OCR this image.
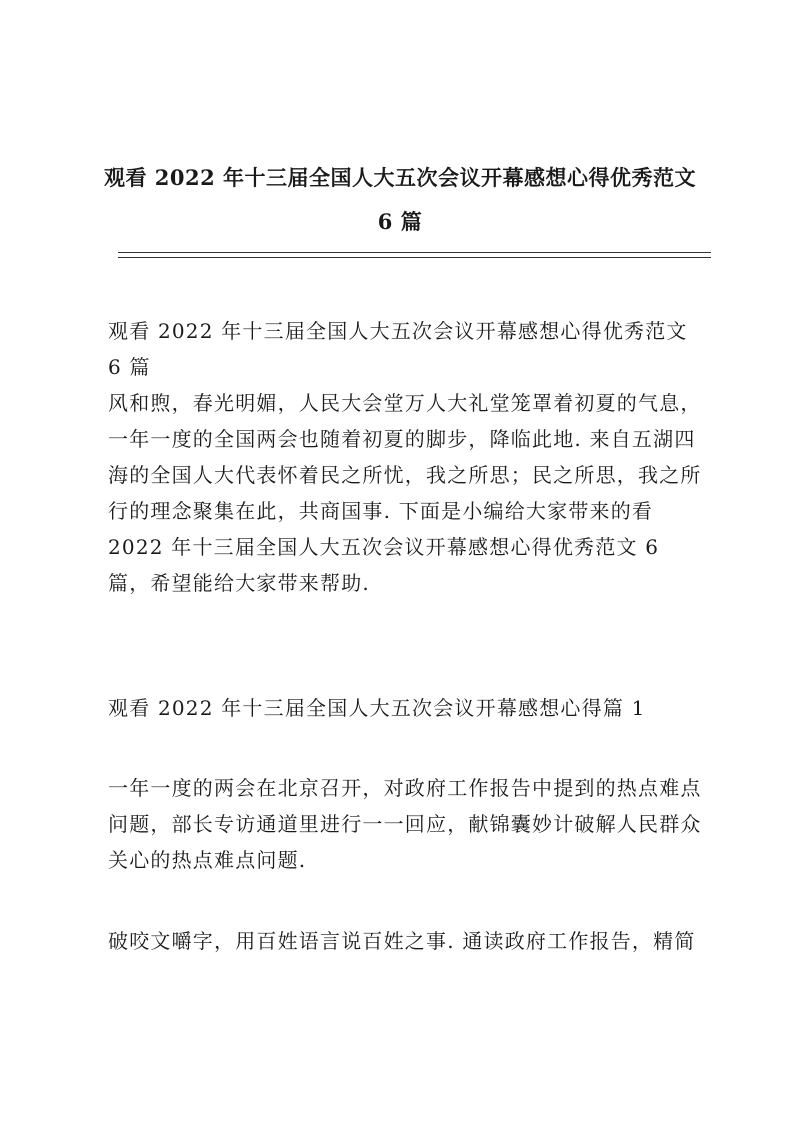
观看 2022 年十三届全国人大五次会议开幕感想心得优秀范文 6 篇

观看 2022 年十三届全国人大五次会议开幕感想心得优秀范文 6 篇

风和煦，春光明媚，人民大会堂万人大礼堂笼罩着初夏的气息，一年一度的全国两会也随着初夏的脚步，降临此地. 来自五湖四海的全国人大代表怀着民之所忧，我之所思；民之所思，我之所行的理念聚集在此，共商国事. 下面是小编给大家带来的看 2022 年十三届全国人大五次会议开幕感想心得优秀范文 6 篇，希望能给大家带来帮助.

观看 2022 年十三届全国人大五次会议开幕感想心得篇 1

一年一度的两会在北京召开，对政府工作报告中提到的热点难点问题，部长专访通道里进行一一回应，献锦囊妙计破解人民群众关心的热点难点问题.

破咬文嚼字，用百姓语言说百姓之事. 通读政府工作报告，精简
